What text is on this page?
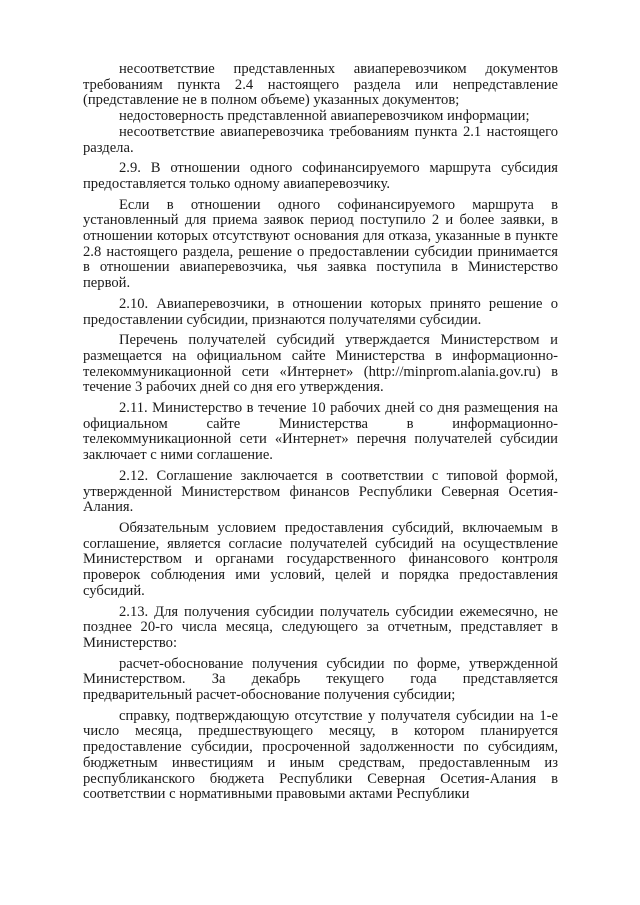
несоответствие представленных авиаперевозчиком документов требованиям пункта 2.4 настоящего раздела или непредставление (представление не в полном объеме) указанных документов;

недостоверность представленной авиаперевозчиком информации;

несоответствие авиаперевозчика требованиям пункта 2.1 настоящего раздела.

2.9. В отношении одного софинансируемого маршрута субсидия предоставляется только одному авиаперевозчику.

Если в отношении одного софинансируемого маршрута в установленный для приема заявок период поступило 2 и более заявки, в отношении которых отсутствуют основания для отказа, указанные в пункте 2.8 настоящего раздела, решение о предоставлении субсидии принимается в отношении авиаперевозчика, чья заявка поступила в Министерство первой.

2.10. Авиаперевозчики, в отношении которых принято решение о предоставлении субсидии, признаются получателями субсидии.

Перечень получателей субсидий утверждается Министерством и размещается на официальном сайте Министерства в информационно-телекоммуникационной сети «Интернет» (http://minprom.alania.gov.ru) в течение 3 рабочих дней со дня его утверждения.

2.11. Министерство в течение 10 рабочих дней со дня размещения на официальном сайте Министерства в информационно-телекоммуникационной сети «Интернет» перечня получателей субсидии заключает с ними соглашение.

2.12. Соглашение заключается в соответствии с типовой формой, утвержденной Министерством финансов Республики Северная Осетия-Алания.

Обязательным условием предоставления субсидий, включаемым в соглашение, является согласие получателей субсидий на осуществление Министерством и органами государственного финансового контроля проверок соблюдения ими условий, целей и порядка предоставления субсидий.

2.13. Для получения субсидии получатель субсидии ежемесячно, не позднее 20-го числа месяца, следующего за отчетным, представляет в Министерство:

расчет-обоснование получения субсидии по форме, утвержденной Министерством. За декабрь текущего года представляется предварительный расчет-обоснование получения субсидии;

справку, подтверждающую отсутствие у получателя субсидии на 1-е число месяца, предшествующего месяцу, в котором планируется предоставление субсидии, просроченной задолженности по субсидиям, бюджетным инвестициям и иным средствам, предоставленным из республиканского бюджета Республики Северная Осетия-Алания в соответствии с нормативными правовыми актами Республики
